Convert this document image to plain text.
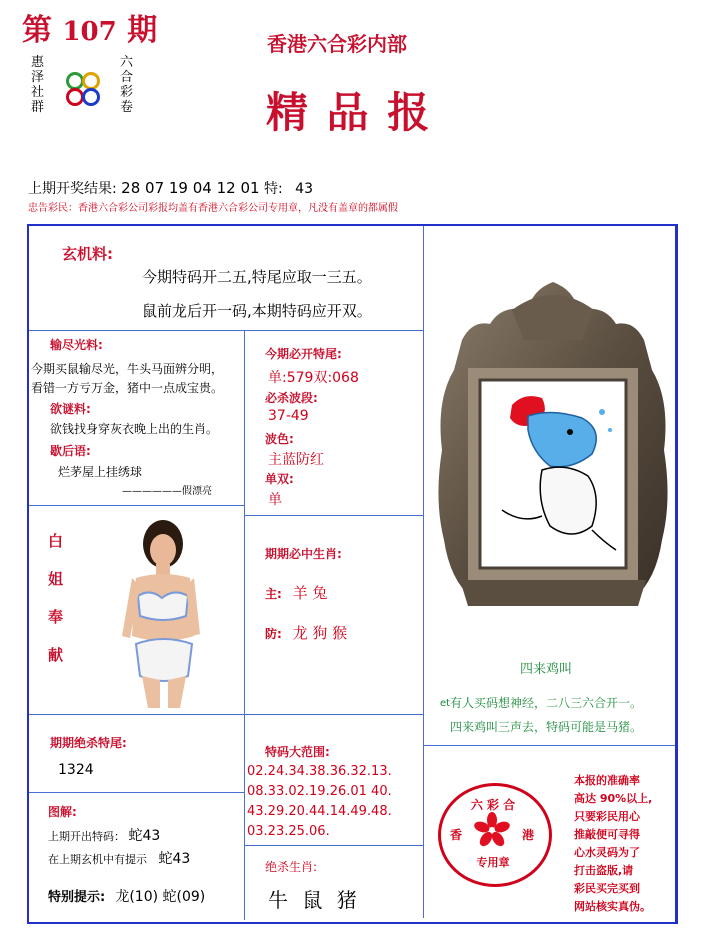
第 107 期
惠泽社群
六合彩卷
香港六合彩内部
精 品 报
上期开奖结果: 28 07 19 04 12 01 特: 43
忠告彩民：香港六合彩公司彩报均盖有香港六合彩公司专用章，凡没有盖章的都属假
玄机料:
今期特码开二五,特尾应取一三五。
鼠前龙后开一码,本期特码应开双。
输尽光料:
今期买鼠输尽光，牛头马面辨分明，
看错一方亏万金，猪中一点成宝贵。
欲谜料:
欲钱找身穿灰衣晚上出的生肖。
歇后语:
烂茅屋上挂绣球
——————假漂亮
今期必开特尾:
单:579双:068
必杀波段:
37-49
波色:
主蓝防红
单双:
单
白
姐
奉
献
期期必中生肖:
主: 羊 兔
防: 龙 狗 猴
期期绝杀特尾:
1324
特码大范围:
02.24.34.38.36.32.13.
08.33.02.19.26.01 40.
43.29.20.44.14.49.48.
03.23.25.06.
图解:
上期开出特码： 蛇43
在上期玄机中有提示 蛇43
特别提示: 龙(10) 蛇(09)
绝杀生肖:
牛 鼠 猪
四来鸡叫
et 有人买码想神经，二八三六合开一。
四来鸡叫三声去，特码可能是马猪。
六 彩 合
香	港
专用章
本报的准确率
高达 90%以上,
只要彩民用心
推敲便可寻得
心水灵码为了
打击盗版,请
彩民买完买到
网站核实真伪。
